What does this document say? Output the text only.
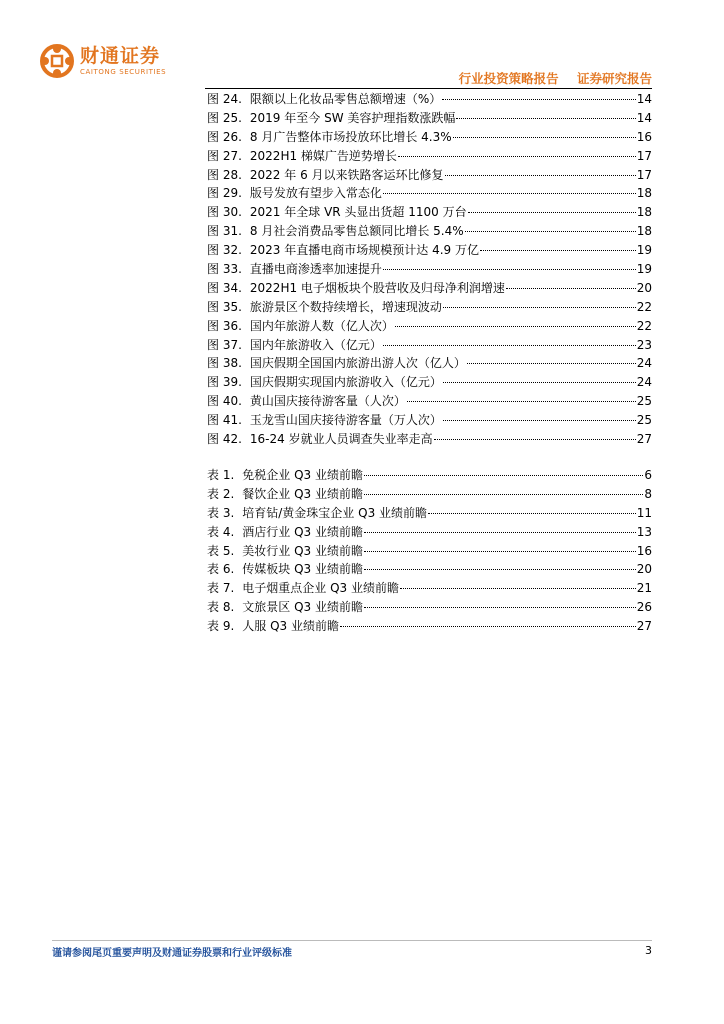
财通证券
CAITONG SECURITIES	行业投资策略报告 证券研究报告
图 24. 限额以上化妆品零售总额增速（%）	14
图 25. 2019 年至今 SW 美容护理指数涨跌幅	14
图 26. 8 月广告整体市场投放环比增长 4.3%	16
图 27. 2022H1 梯媒广告逆势增长	17
图 28. 2022 年 6 月以来铁路客运环比修复	17
图 29. 版号发放有望步入常态化	18
图 30. 2021 年全球 VR 头显出货超 1100 万台	18
图 31. 8 月社会消费品零售总额同比增长 5.4%	18
图 32. 2023 年直播电商市场规模预计达 4.9 万亿	19
图 33. 直播电商渗透率加速提升	19
图 34. 2022H1 电子烟板块个股营收及归母净利润增速	20
图 35. 旅游景区个数持续增长，增速现波动	22
图 36. 国内年旅游人数（亿人次）	22
图 37. 国内年旅游收入（亿元）	23
图 38. 国庆假期全国国内旅游出游人次（亿人）	24
图 39. 国庆假期实现国内旅游收入（亿元）	24
图 40. 黄山国庆接待游客量（人次）	25
图 41. 玉龙雪山国庆接待游客量（万人次）	25
图 42. 16-24 岁就业人员调查失业率走高	27
表 1. 免税企业 Q3 业绩前瞻	6
表 2. 餐饮企业 Q3 业绩前瞻	8
表 3. 培育钻/黄金珠宝企业 Q3 业绩前瞻	11
表 4. 酒店行业 Q3 业绩前瞻	13
表 5. 美妆行业 Q3 业绩前瞻	16
表 6. 传媒板块 Q3 业绩前瞻	20
表 7. 电子烟重点企业 Q3 业绩前瞻	21
表 8. 文旅景区 Q3 业绩前瞻	26
表 9. 人服 Q3 业绩前瞻	27
谨请参阅尾页重要声明及财通证券股票和行业评级标准	3
